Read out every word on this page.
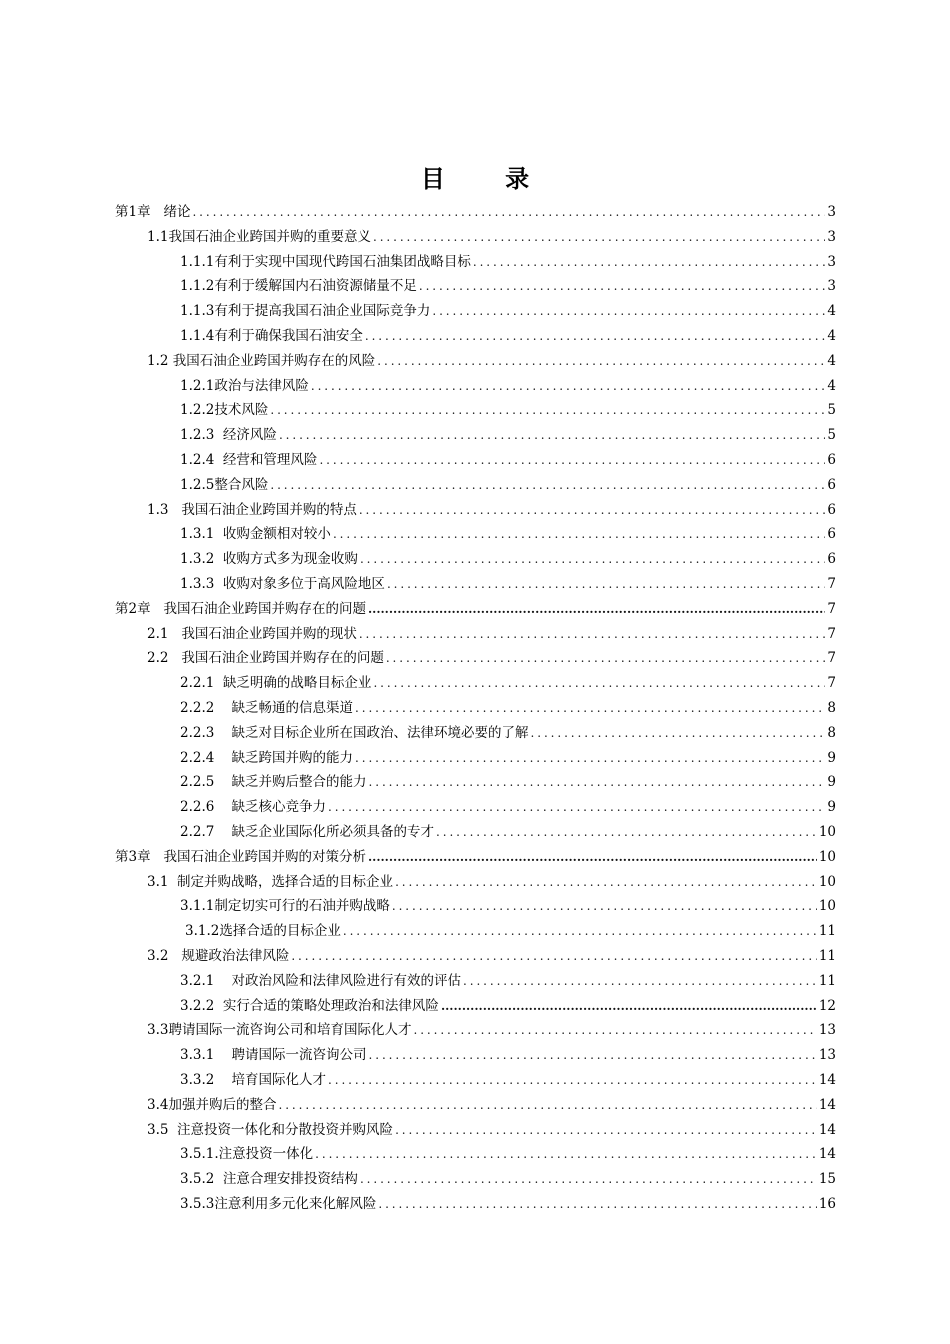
目 录
第1章   绪论 .....	3
1.1我国石油企业跨国并购的重要意义 .....	3
1.1.1有利于实现中国现代跨国石油集团战略目标 .....	3
1.1.2有利于缓解国内石油资源储量不足 .....	3
1.1.3有利于提高我国石油企业国际竞争力 .....	4
1.1.4有利于确保我国石油安全 .....	4
1.2 我国石油企业跨国并购存在的风险 .....	4
1.2.1政治与法律风险 .....	4
1.2.2技术风险 .....	5
1.2.3  经济风险 .....	5
1.2.4  经营和管理风险 .....	6
1.2.5整合风险 .....	6
1.3   我国石油企业跨国并购的特点 .....	6
1.3.1  收购金额相对较小 .....	6
1.3.2  收购方式多为现金收购 .....	6
1.3.3  收购对象多位于高风险地区 .....	7
第2章   我国石油企业跨国并购存在的问题 .....	7
2.1   我国石油企业跨国并购的现状 .....	7
2.2   我国石油企业跨国并购存在的问题 .....	7
2.2.1  缺乏明确的战略目标企业 .....	7
2.2.2    缺乏畅通的信息渠道 .....	8
2.2.3    缺乏对目标企业所在国政治、法律环境必要的了解 .....	8
2.2.4    缺乏跨国并购的能力 .....	9
2.2.5    缺乏并购后整合的能力 .....	9
2.2.6    缺乏核心竞争力 .....	9
2.2.7    缺乏企业国际化所必须具备的专才 .....	10
第3章   我国石油企业跨国并购的对策分析 .....	10
3.1  制定并购战略，选择合适的目标企业 .....	10
3.1.1制定切实可行的石油并购战略 .....	10
3.1.2选择合适的目标企业 .....	11
3.2   规避政治法律风险 .....	11
3.2.1    对政治风险和法律风险进行有效的评估 .....	11
3.2.2  实行合适的策略处理政治和法律风险 .....	12
3.3聘请国际一流咨询公司和培育国际化人才 .....	13
3.3.1    聘请国际一流咨询公司 .....	13
3.3.2    培育国际化人才 .....	14
3.4加强并购后的整合 .....	14
3.5  注意投资一体化和分散投资并购风险 .....	14
3.5.1.注意投资一体化 .....	14
3.5.2  注意合理安排投资结构 .....	15
3.5.3注意利用多元化来化解风险 .....	16
